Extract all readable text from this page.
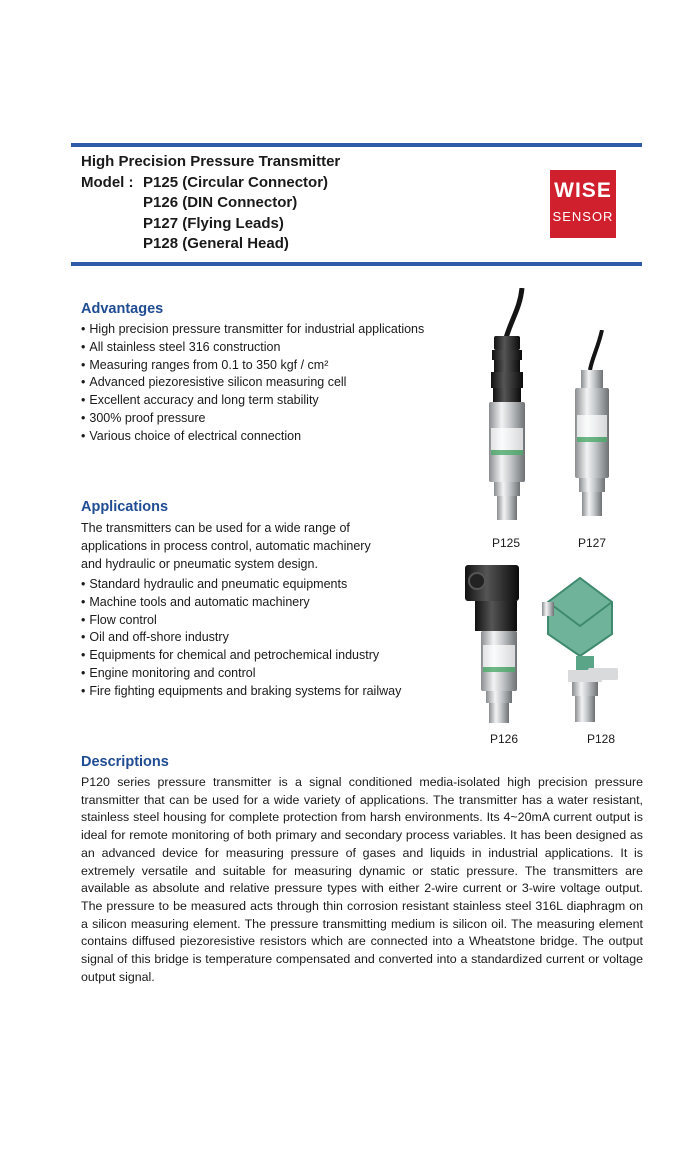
High Precision Pressure Transmitter
Model : P125 (Circular Connector)
P126 (DIN Connector)
P127 (Flying Leads)
P128 (General Head)
WISE
SENSOR
Advantages
• High precision pressure transmitter for industrial applications
• All stainless steel 316 construction
• Measuring ranges from 0.1 to 350 kgf / cm²
• Advanced piezoresistive silicon measuring cell
• Excellent accuracy and long term stability
• 300% proof pressure
• Various choice of electrical connection
Applications
The transmitters can be used for a wide range of
applications in process control, automatic machinery
and hydraulic or pneumatic system design.
• Standard hydraulic and pneumatic equipments
• Machine tools and automatic machinery
• Flow control
• Oil and off-shore industry
• Equipments for chemical and petrochemical industry
• Engine monitoring and control
• Fire fighting equipments and braking systems for railway
P125	P127
P126	P128
Descriptions

P120 series pressure transmitter is a signal conditioned media-isolated high precision pressure transmitter that can be used for a wide variety of applications. The transmitter has a water resistant, stainless steel housing for complete protection from harsh environments. Its 4~20mA current output is ideal for remote monitoring of both primary and secondary process variables. It has been designed as an advanced device for measuring pressure of gases and liquids in industrial applications. It is extremely versatile and suitable for measuring dynamic or static pressure. The transmitters are available as absolute and relative pressure types with either 2-wire current or 3-wire voltage output. The pressure to be measured acts through thin corrosion resistant stainless steel 316L diaphragm on a silicon measuring element. The pressure transmitting medium is silicon oil. The measuring element contains diffused piezoresistive resistors which are connected into a Wheatstone bridge. The output signal of this bridge is temperature compensated and converted into a standardized current or voltage output signal.
